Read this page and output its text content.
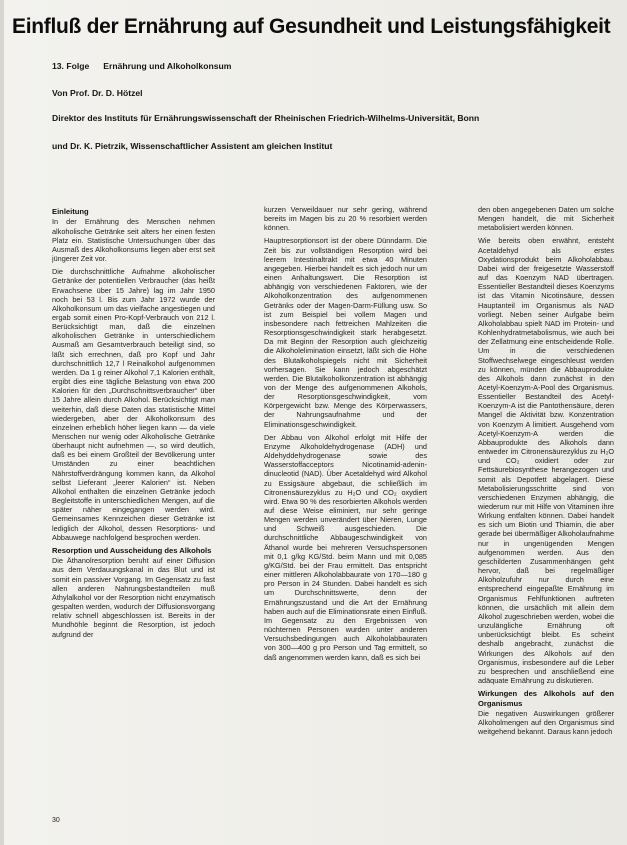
Einfluß der Ernährung auf Gesundheit und Leistungsfähigkeit
13. Folge Ernährung und Alkoholkonsum
Von Prof. Dr. D. Hötzel
Direktor des Instituts für Ernährungswissenschaft der Rheinischen Friedrich-Wilhelms-Universität, Bonn
und Dr. K. Pietrzik, Wissenschaftlicher Assistent am gleichen Institut
Einleitung

In der Ernährung des Menschen nehmen alkoholische Getränke seit alters her einen festen Platz ein. Statistische Untersuchungen über das Ausmaß des Alkoholkonsums liegen aber erst seit jüngerer Zeit vor.

Die durchschnittliche Aufnahme alkoholischer Getränke der potentiellen Verbraucher (das heißt Erwachsene über 15 Jahre) lag im Jahr 1950 noch bei 53 l. Bis zum Jahr 1972 wurde der Alkoholkonsum um das vielfache angestiegen und ergab somit einen Pro-Kopf-Verbrauch von 212 l. Berücksichtigt man, daß die einzelnen alkoholischen Getränke in unterschiedlichem Ausmaß am Gesamtverbrauch beteiligt sind, so läßt sich errechnen, daß pro Kopf und Jahr durchschnittlich 12,7 l Reinalkohol aufgenommen werden. Da 1 g reiner Alkohol 7,1 Kalorien enthält, ergibt dies eine tägliche Belastung von etwa 200 Kalorien für den „Durchschnittsverbraucher“ über 15 Jahre allein durch Alkohol. Berücksichtigt man weiterhin, daß diese Daten das statistische Mittel wiedergeben, aber der Alkoholkonsum des einzelnen erheblich höher liegen kann — da viele Menschen nur wenig oder Alkoholische Getränke überhaupt nicht aufnehmen —, so wird deutlich, daß es bei einem Großteil der Bevölkerung unter Umständen zu einer beachtlichen Nährstoffverdrängung kommen kann, da Alkohol selbst Lieferant „leerer Kalorien“ ist. Neben Alkohol enthalten die einzelnen Getränke jedoch Begleitstoffe in unterschiedlichen Mengen, auf die später näher eingegangen werden wird. Gemeinsames Kennzeichen dieser Getränke ist lediglich der Alkohol, dessen Resorptions- und Abbauwege nachfolgend besprochen werden.

Resorption und Ausscheidung des Alkohols

Die Äthanolresorption beruht auf einer Diffusion aus dem Verdauungskanal in das Blut und ist somit ein passiver Vorgang. Im Gegensatz zu fast allen anderen Nahrungsbestandteilen muß Äthylalkohol vor der Resorption nicht enzymatisch gespalten werden, wodurch der Diffusionsvorgang relativ schnell abgeschlossen ist. Bereits in der Mundhöhle beginnt die Resorption, ist jedoch aufgrund der

kurzen Verweildauer nur sehr gering, während bereits im Magen bis zu 20 % resorbiert werden können.

Hauptresorptionsort ist der obere Dünndarm. Die Zeit bis zur vollständigen Resorption wird bei leerem Intestinaltrakt mit etwa 40 Minuten angegeben. Hierbei handelt es sich jedoch nur um einen Anhaltungswert. Die Resorption ist abhängig von verschiedenen Faktoren, wie der Alkoholkonzentration des aufgenommenen Getränks oder der Magen-Darm-Füllung usw. So ist zum Beispiel bei vollem Magen und insbesondere nach fettreichen Mahlzeiten die Resorptionsgeschwindigkeit stark herabgesetzt. Da mit Beginn der Resorption auch gleichzeitig die Alkoholelimination einsetzt, läßt sich die Höhe des Blutalkoholspiegels nicht mit Sicherheit vorhersagen. Sie kann jedoch abgeschätzt werden. Die Blutalkoholkonzentration ist abhängig von der Menge des aufgenommenen Alkohols, der Resorptionsgeschwindigkeit, vom Körpergewicht bzw. Menge des Körperwassers, der Nahrungsaufnahme und der Eliminationsgeschwindigkeit.

Der Abbau von Alkohol erfolgt mit Hilfe der Enzyme Alkoholdehydrogenase (ADH) und Aldehyddehydrogenase sowie des Wasserstoffacceptors Nicotinamid-adenin-dinucleotid (NAD). Über Acetaldehyd wird Alkohol zu Essigsäure abgebaut, die schließlich im Citronensäurezyklus zu H₂O und CO₂ oxydiert wird. Etwa 90 % des resorbierten Alkohols werden auf diese Weise eliminiert, nur sehr geringe Mengen werden unverändert über Nieren, Lunge und Schweiß ausgeschieden. Die durchschnittliche Abbaugeschwindigkeit von Äthanol wurde bei mehreren Versuchspersonen mit 0,1 g/kg KG/Std. beim Mann und mit 0,085 g/KG/Std. bei der Frau ermittelt. Das entspricht einer mittleren Alkoholabbaurate von 170—180 g pro Person in 24 Stunden. Dabei handelt es sich um Durchschnittswerte, denn der Ernährungszustand und die Art der Ernährung haben auch auf die Eliminationsrate einen Einfluß. Im Gegensatz zu den Ergebnissen von nüchternen Personen wurden unter anderen Versuchsbedingungen auch Alkoholabbauraten von 300—400 g pro Person und Tag ermittelt, so daß angenommen werden kann, daß es sich bei

den oben angegebenen Daten um solche Mengen handelt, die mit Sicherheit metabolisiert werden können.

Wie bereits oben erwähnt, entsteht Acetaldehyd als erstes Oxydationsprodukt beim Alkoholabbau. Dabei wird der freigesetzte Wasserstoff auf das Koenzym NAD übertragen. Essentieller Bestandteil dieses Koenzyms ist das Vitamin Nicotinsäure, dessen Hauptanteil im Organismus als NAD vorliegt. Neben seiner Aufgabe beim Alkoholabbau spielt NAD im Protein- und Kohlenhydratmetabolismus, wie auch bei der Zellatmung eine entscheidende Rolle. Um in die verschiedenen Stoffwechselwege eingeschleust werden zu können, münden die Abbauprodukte des Alkohols dann zunächst in den Acetyl-Koenzym-A-Pool des Organismus. Essentieller Bestandteil des Acetyl-Koenzym-A ist die Pantothensäure, deren Mangel die Aktivität bzw. Konzentration von Koenzym A limitiert. Ausgehend vom Acetyl-Koenzym-A werden die Abbauprodukte des Alkohols dann entweder im Citronensäurezyklus zu H₂O und CO₂ oxidiert oder zur Fettsäurebiosynthese herangezogen und somit als Depotfett abgelagert. Diese Metabolisierungsschritte sind von verschiedenen Enzymen abhängig, die wiederum nur mit Hilfe von Vitaminen ihre Wirkung entfalten können. Dabei handelt es sich um Biotin und Thiamin, die aber gerade bei übermäßiger Alkoholaufnahme nur in ungenügenden Mengen aufgenommen werden. Aus den geschilderten Zusammenhängen geht hervor, daß bei regelmäßiger Alkoholzufuhr nur durch eine entsprechend eingepaßte Ernährung im Organismus Fehlfunktionen auftreten können, die ursächlich mit allein dem Alkohol zugeschrieben werden, wobei die unzulängliche Ernährung oft unberücksichtigt bleibt. Es scheint deshalb angebracht, zunächst die Wirkungen des Alkohols auf den Organismus, insbesondere auf die Leber zu besprechen und anschließend eine adäquate Ernährung zu diskutieren.

Wirkungen des Alkohols auf den Organismus

Die negativen Auswirkungen größerer Alkoholmengen auf den Organismus sind weitgehend bekannt. Daraus kann jedoch

30
